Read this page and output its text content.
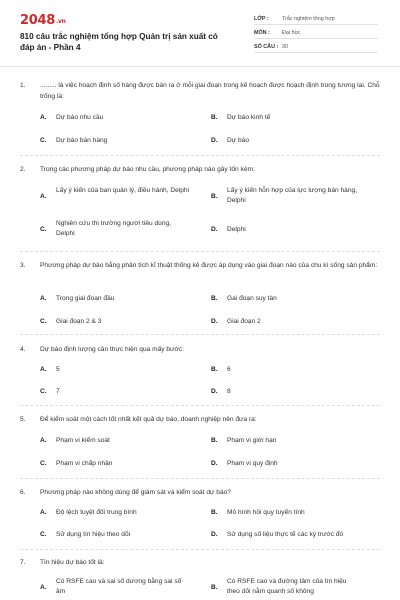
2048.vn
810 câu trắc nghiệm tổng hợp Quản trị sản xuất có đáp án - Phần 4
LỚP :	Trắc nghiệm tổng hợp
MÔN :	Đại học
SỐ CÂU : 30
1. ......... là việc hoạch định số hàng được bán ra ở mỗi giai đoạn trong kế hoạch được hoạch định trong tương lai. Chỗ trống là:
A. Dự báo nhu cầu	B. Dự báo kinh tế
C. Dự báo bán hàng	D. Dự báo
2. Trong các phương pháp dự báo nhu cầu, phương pháp nào gây tốn kém:
A.
Lấy ý kiến của ban quản lý, điều hành, Delphi
B.
Lấy ý kiến hỗn hợp của lực lượng bán hàng, Delphi
C.
Nghiên cứu thị trường người tiêu dùng, Delphi
D. Delphi
3. Phương pháp dự báo bằng phân tích kĩ thuật thống kê được áp dụng vào giai đoạn nào của chu kì sống sản phẩm:
A. Trong giai đoạn đầu	B. Gai đoạn suy tàn
C. Giai đoạn 2 & 3	D. Giai đoạn 2
4. Dự báo định lượng cần thực hiện qua mấy bước:
A. 5	B. 6
C. 7	D. 8
5. Để kiểm soát một cách tốt nhất kết quả dự báo, doanh nghiệp nên đưa ra:
A. Phạm vi kiểm soát	B. Phạm vi giới hạn
C. Phạm vi chấp nhận	D. Phạm vi quy định
6. Phương pháp nào không dùng để giám sát và kiểm soát dự báo?
A. Độ lệch tuyệt đối trung bình	B. Mô hình hồi quy tuyến tính
C. Sử dụng tín hiệu theo dõi	D. Sử dụng số liệu thực tế các kỳ trước đó
7. Tín hiệu dự báo tốt là:
A.
Có RSFE cao và sai số dương bằng sai số âm
B.
Có RSFE cao và đường tâm của tín hiệu theo dõi nằm quanh số không
